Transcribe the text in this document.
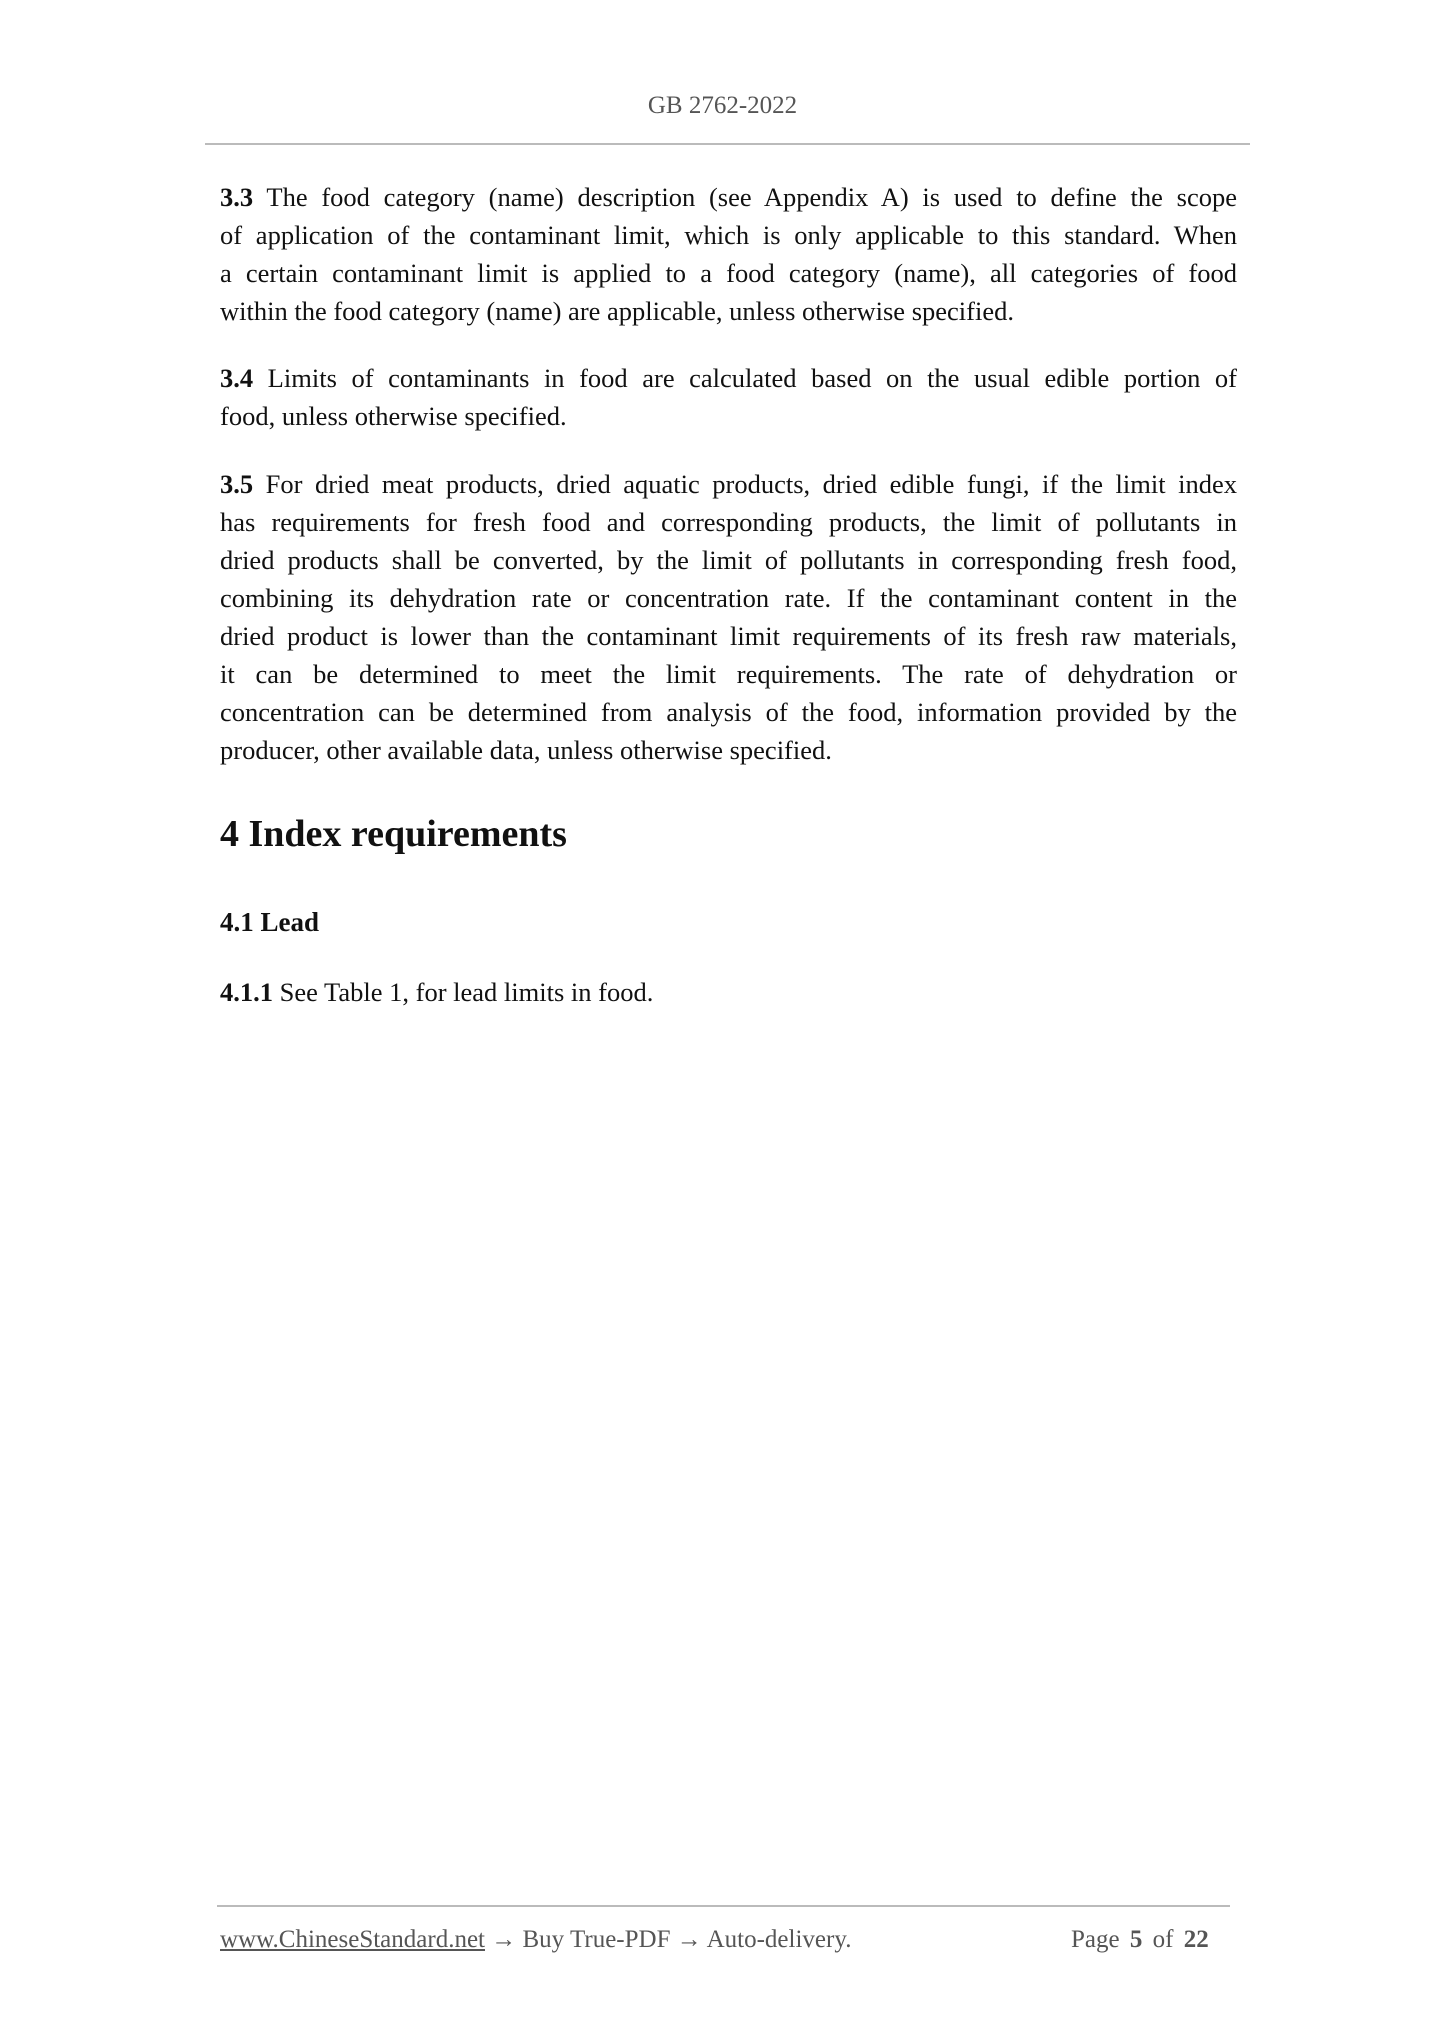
GB 2762-2022
3.3 The food category (name) description (see Appendix A) is used to define the scope
of application of the contaminant limit, which is only applicable to this standard. When
a certain contaminant limit is applied to a food category (name), all categories of food
within the food category (name) are applicable, unless otherwise specified.
3.4 Limits of contaminants in food are calculated based on the usual edible portion of
food, unless otherwise specified.
3.5 For dried meat products, dried aquatic products, dried edible fungi, if the limit index
has requirements for fresh food and corresponding products, the limit of pollutants in
dried products shall be converted, by the limit of pollutants in corresponding fresh food,
combining its dehydration rate or concentration rate. If the contaminant content in the
dried product is lower than the contaminant limit requirements of its fresh raw materials,
it can be determined to meet the limit requirements. The rate of dehydration or
concentration can be determined from analysis of the food, information provided by the
producer, other available data, unless otherwise specified.
4 Index requirements
4.1 Lead
4.1.1 See Table 1, for lead limits in food.
www.ChineseStandard.net → Buy True-PDF → Auto-delivery.	Page 5 of 22
